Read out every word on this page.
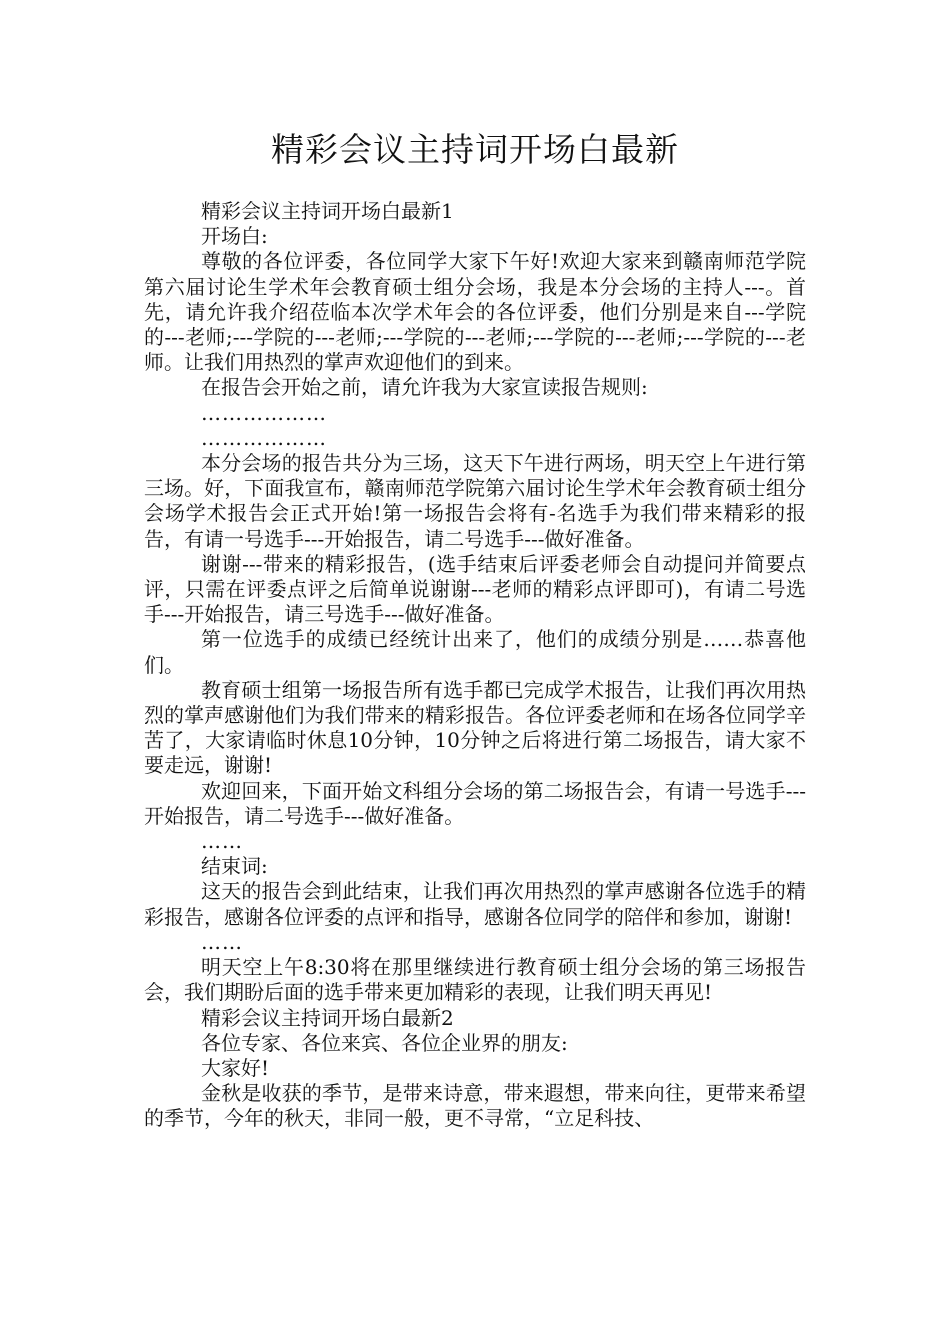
精彩会议主持词开场白最新

精彩会议主持词开场白最新1

开场白:

尊敬的各位评委，各位同学大家下午好!欢迎大家来到赣南师范学院第六届讨论生学术年会教育硕士组分会场，我是本分会场的主持人---。首先，请允许我介绍莅临本次学术年会的各位评委，他们分别是来自---学院的---老师;---学院的---老师;---学院的---老师;---学院的---老师;---学院的---老师。让我们用热烈的掌声欢迎他们的到来。

在报告会开始之前，请允许我为大家宣读报告规则:

………………

………………

本分会场的报告共分为三场，这天下午进行两场，明天空上午进行第三场。好，下面我宣布，赣南师范学院第六届讨论生学术年会教育硕士组分会场学术报告会正式开始!第一场报告会将有-名选手为我们带来精彩的报告，有请一号选手---开始报告，请二号选手---做好准备。

谢谢---带来的精彩报告，(选手结束后评委老师会自动提问并简要点评，只需在评委点评之后简单说谢谢---老师的精彩点评即可)，有请二号选手---开始报告，请三号选手---做好准备。

第一位选手的成绩已经统计出来了，他们的成绩分别是……恭喜他们。

教育硕士组第一场报告所有选手都已完成学术报告，让我们再次用热烈的掌声感谢他们为我们带来的精彩报告。各位评委老师和在场各位同学辛苦了，大家请临时休息10分钟，10分钟之后将进行第二场报告，请大家不要走远，谢谢!

欢迎回来，下面开始文科组分会场的第二场报告会，有请一号选手---开始报告，请二号选手---做好准备。

……

结束词:

这天的报告会到此结束，让我们再次用热烈的掌声感谢各位选手的精彩报告，感谢各位评委的点评和指导，感谢各位同学的陪伴和参加，谢谢!

……

明天空上午8:30将在那里继续进行教育硕士组分会场的第三场报告会，我们期盼后面的选手带来更加精彩的表现，让我们明天再见!

精彩会议主持词开场白最新2

各位专家、各位来宾、各位企业界的朋友:

大家好!

金秋是收获的季节，是带来诗意，带来遐想，带来向往，更带来希望的季节，今年的秋天，非同一般，更不寻常，“立足科技、
